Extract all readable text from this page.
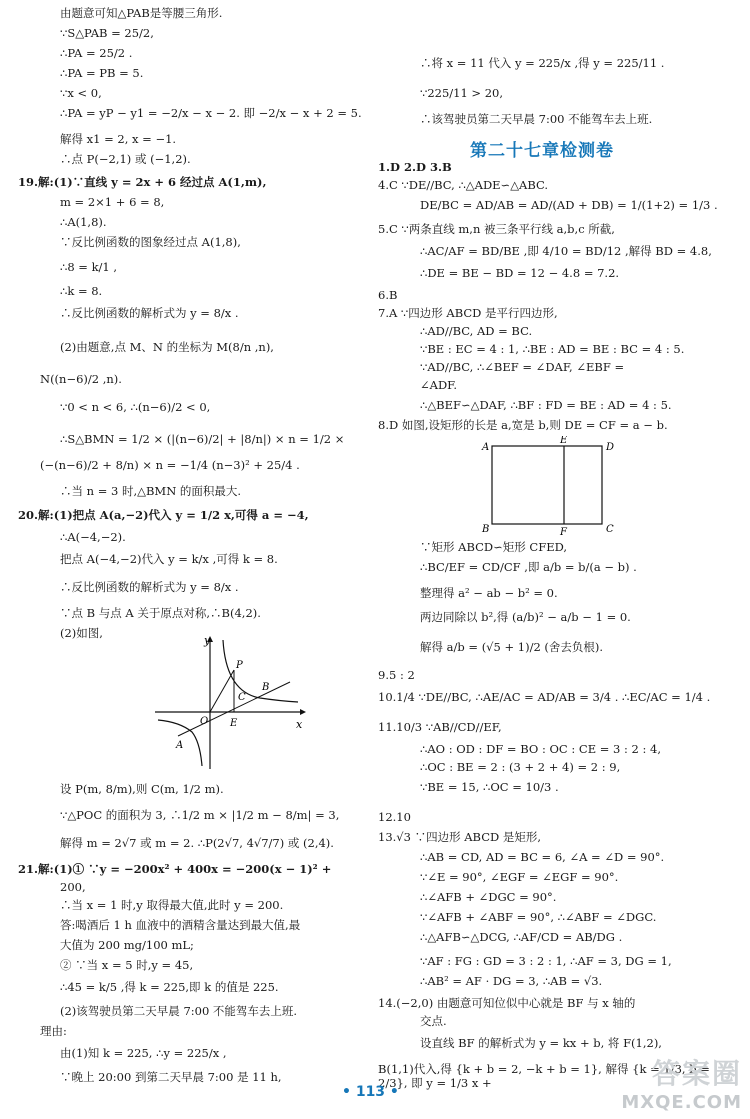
由题意可知△PAB是等腰三角形.
∵S△PAB = 25/2,
∴PA = 25/2 .
∴PA = PB = 5.
∵x < 0,
∴PA = yP − y1 = −2/x − x − 2. 即 −2/x − x + 2 = 5.
解得 x1 = 2, x = −1.
∴点 P(−2,1) 或 (−1,2).
19.解:(1)∵直线 y = 2x + 6 经过点 A(1,m),
m = 2×1 + 6 = 8,
∴A(1,8).
∵反比例函数的图象经过点 A(1,8),
∴8 = k/1 ,
∴k = 8.
∴反比例函数的解析式为 y = 8/x .
(2)由题意,点 M、N 的坐标为 M(8/n ,n),
N((n−6)/2 ,n).
∵0 < n < 6, ∴(n−6)/2 < 0,
∴S△BMN = 1/2 × (|(n−6)/2| + |8/n|) × n = 1/2 ×
(−(n−6)/2 + 8/n) × n = −1/4 (n−3)² + 25/4 .
∴当 n = 3 时,△BMN 的面积最大.
20.解:(1)把点 A(a,−2)代入 y = 1/2 x,可得 a = −4,
∴A(−4,−2).
把点 A(−4,−2)代入 y = k/x ,可得 k = 8.
∴反比例函数的解析式为 y = 8/x .
∵点 B 与点 A 关于原点对称,∴B(4,2).
(2)如图,
y
x
P
B
C
E
O
A
设 P(m, 8/m),则 C(m, 1/2 m).
∵△POC 的面积为 3, ∴1/2 m × |1/2 m − 8/m| = 3,
解得 m = 2√7 或 m = 2. ∴P(2√7, 4√7/7) 或 (2,4).
21.解:(1)① ∵y = −200x² + 400x = −200(x − 1)² +
200,
∴当 x = 1 时,y 取得最大值,此时 y = 200.
答:喝酒后 1 h 血液中的酒精含量达到最大值,最
大值为 200 mg/100 mL;
② ∵当 x = 5 时,y = 45,
∴45 = k/5 ,得 k = 225,即 k 的值是 225.
(2)该驾驶员第二天早晨 7:00 不能驾车去上班.
理由:
由(1)知 k = 225, ∴y = 225/x ,
∵晚上 20:00 到第二天早晨 7:00 是 11 h,
∴将 x = 11 代入 y = 225/x ,得 y = 225/11 .
∵225/11 > 20,
∴该驾驶员第二天早晨 7:00 不能驾车去上班.
第二十七章检测卷
1.D 2.D 3.B
4.C ∵DE//BC, ∴△ADE∽△ABC.
DE/BC = AD/AB = AD/(AD + DB) = 1/(1+2) = 1/3 .
5.C ∵两条直线 m,n 被三条平行线 a,b,c 所截,
∴AC/AF = BD/BE ,即 4/10 = BD/12 ,解得 BD = 4.8,
∴DE = BE − BD = 12 − 4.8 = 7.2.
6.B
7.A ∵四边形 ABCD 是平行四边形,
∴AD//BC, AD = BC.
∵BE : EC = 4 : 1, ∴BE : AD = BE : BC = 4 : 5.
∵AD//BC, ∴∠BEF = ∠DAF, ∠EBF =
∠ADF.
∴△BEF∽△DAF, ∴BF : FD = BE : AD = 4 : 5.
8.D 如图,设矩形的长是 a,宽是 b,则 DE = CF = a − b.
A
B	C
D
E
F
∵矩形 ABCD∽矩形 CFED,
∴BC/EF = CD/CF ,即 a/b = b/(a − b) .
整理得 a² − ab − b² = 0.
两边同除以 b²,得 (a/b)² − a/b − 1 = 0.
解得 a/b = (√5 + 1)/2 (舍去负根).
9.5 : 2
10.1/4 ∵DE//BC, ∴AE/AC = AD/AB = 3/4 . ∴EC/AC = 1/4 .
11.10/3 ∵AB//CD//EF,
∴AO : OD : DF = BO : OC : CE = 3 : 2 : 4,
∴OC : BE = 2 : (3 + 2 + 4) = 2 : 9,
∵BE = 15, ∴OC = 10/3 .
12.10
13.√3 ∵四边形 ABCD 是矩形,
∴AB = CD, AD = BC = 6, ∠A = ∠D = 90°.
∵∠E = 90°, ∠EGF = ∠EGF = 90°.
∴∠AFB + ∠DGC = 90°.
∵∠AFB + ∠ABF = 90°, ∴∠ABF = ∠DGC.
∴△AFB∽△DCG, ∴AF/CD = AB/DG .
∵AF : FG : GD = 3 : 2 : 1, ∴AF = 3, DG = 1,
∴AB² = AF · DG = 3, ∴AB = √3.
14.(−2,0) 由题意可知位似中心就是 BF 与 x 轴的
交点.
设直线 BF 的解析式为 y = kx + b, 将 F(1,2),
B(1,1)代入,得 {k + b = 2, −k + b = 1}, 解得 {k = 1/3, b = 2/3}, 即 y = 1/3 x +
• 113 •
答案圈
MXQE.COM
